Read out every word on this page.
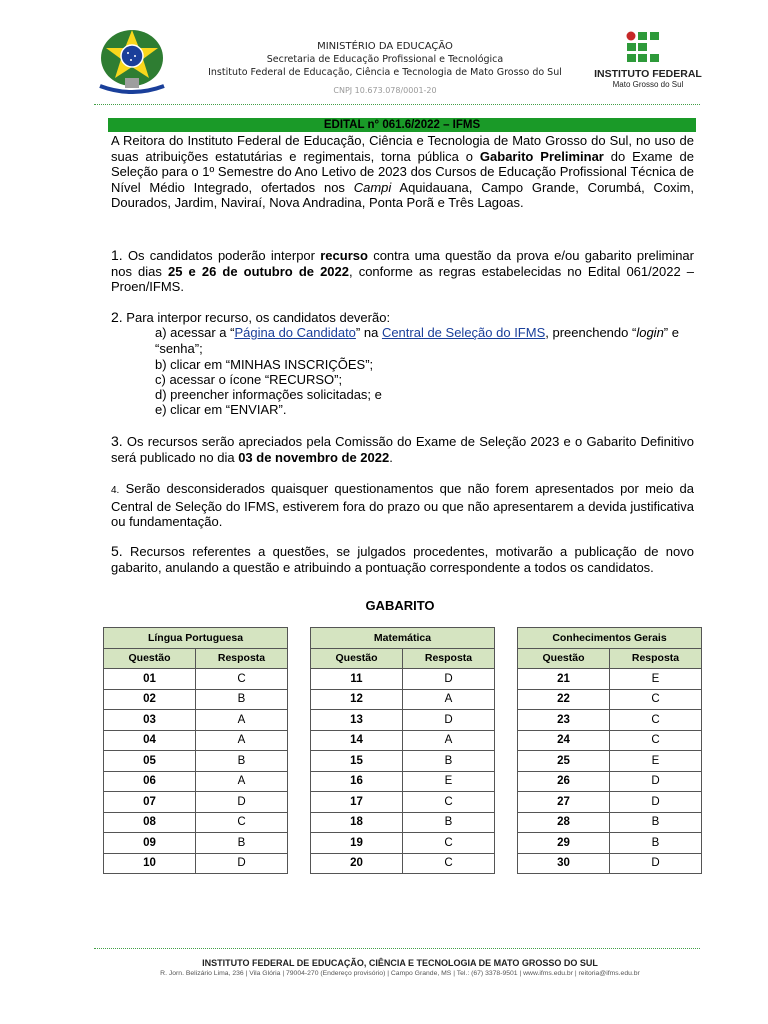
MINISTÉRIO DA EDUCAÇÃO
Secretaria de Educação Profissional e Tecnológica
Instituto Federal de Educação, Ciência e Tecnologia de Mato Grosso do Sul
CNPJ 10.673.078/0001-20
INSTITUTO FEDERAL
Mato Grosso do Sul
EDITAL n° 061.6/2022 – IFMS
A Reitora do Instituto Federal de Educação, Ciência e Tecnologia de Mato Grosso do Sul, no uso de suas atribuições estatutárias e regimentais, torna pública o Gabarito Preliminar do Exame de Seleção para o 1º Semestre do Ano Letivo de 2023 dos Cursos de Educação Profissional Técnica de Nível Médio Integrado, ofertados nos Campi Aquidauana, Campo Grande, Corumbá, Coxim, Dourados, Jardim, Naviraí, Nova Andradina, Ponta Porã e Três Lagoas.
1. Os candidatos poderão interpor recurso contra uma questão da prova e/ou gabarito preliminar nos dias 25 e 26 de outubro de 2022, conforme as regras estabelecidas no Edital 061/2022 – Proen/IFMS.
2. Para interpor recurso, os candidatos deverão:
a) acessar a “Página do Candidato” na Central de Seleção do IFMS, preenchendo “login” e “senha”;
b) clicar em “MINHAS INSCRIÇÕES”;
c) acessar o ícone “RECURSO”;
d) preencher informações solicitadas; e
e) clicar em “ENVIAR”.
3. Os recursos serão apreciados pela Comissão do Exame de Seleção 2023 e o Gabarito Definitivo será publicado no dia 03 de novembro de 2022.
4. Serão desconsiderados quaisquer questionamentos que não forem apresentados por meio da Central de Seleção do IFMS, estiverem fora do prazo ou que não apresentarem a devida justificativa ou fundamentação.
5. Recursos referentes a questões, se julgados procedentes, motivarão a publicação de novo gabarito, anulando a questão e atribuindo a pontuação correspondente a todos os candidatos.
GABARITO
Língua Portuguesa	
Questão	Resposta
01	C
02	B
03	A
04	A
05	B
06	A
07	D
08	C
09	B
10	D
Matemática	
Questão	Resposta
11	D
12	A
13	D
14	A
15	B
16	E
17	C
18	B
19	C
20	C
Conhecimentos Gerais	
Questão	Resposta
21	E
22	C
23	C
24	C
25	E
26	D
27	D
28	B
29	B
30	D
INSTITUTO FEDERAL DE EDUCAÇÃO, CIÊNCIA E TECNOLOGIA DE MATO GROSSO DO SUL
R. Jorn. Belizário Lima, 236 | Vila Glória | 79004-270 (Endereço provisório) | Campo Grande, MS | Tel.: (67) 3378-9501 | www.ifms.edu.br | reitoria@ifms.edu.br
